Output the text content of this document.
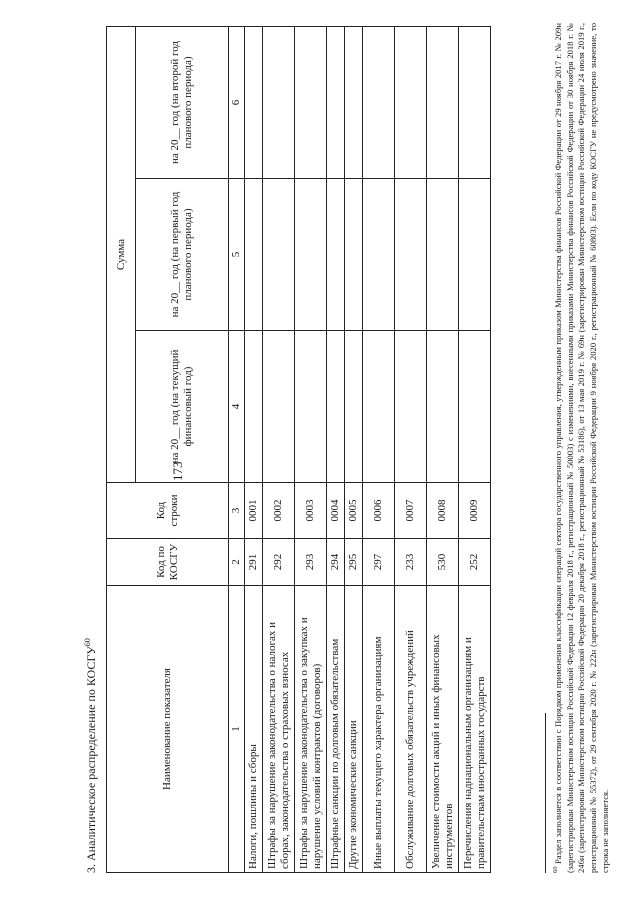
173
3. Аналитическое распределение по КОСГУ$^{60}$
Наименование показателя	Код по КОСГУ	Код строки	Сумма		
			на 20__ год (на текущий финансовый год)	на 20__ год (на первый год планового периода)	на 20__ год (на второй год планового периода)
1	2	3	4	5	6
Налоги, пошлины и сборы	291	0001			
Штрафы за нарушение законодательства о налогах и сборах, законодательства о страховых взносах	292	0002			
Штрафы за нарушение законодательства о закупках и нарушение условий контрактов (договоров)	293	0003			
Штрафные санкции по долговым обязательствам	294	0004			
Другие экономические санкции	295	0005			
Иные выплаты текущего характера организациям	297	0006			
Обслуживание долговых обязательств учреждений	233	0007			
Увеличение стоимости акций и иных финансовых инструментов	530	0008			
Перечисления наднациональным организациям и правительствам иностранных государств	252	0009			
$^{60}$ Раздел заполняется в соответствии с Порядком применения классификации операций сектора государственного управления, утвержденным приказом Министерства финансов Российской Федерации от 29 ноября 2017 г. № 209н (зарегистрирован Министерством юстиции Российской Федерации 12 февраля 2018 г., регистрационный № 50003) с изменениями, внесенными приказами Министерства финансов Российской Федерации от 30 ноября 2018 г. № 246н (зарегистрирован Министерством юстиции Российской Федерации 20 декабря 2018 г., регистрационный № 53186), от 13 мая 2019 г. № 69н (зарегистрирован Министерством юстиции Российской Федерации 24 июля 2019 г., регистрационный № 55372), от 29 сентября 2020 г. № 222н (зарегистрирован Министерством юстиции Российской Федерации 9 ноября 2020 г., регистрационный № 60803). Если по коду КОСГУ не предусмотрено значение, то строка не заполняется.
